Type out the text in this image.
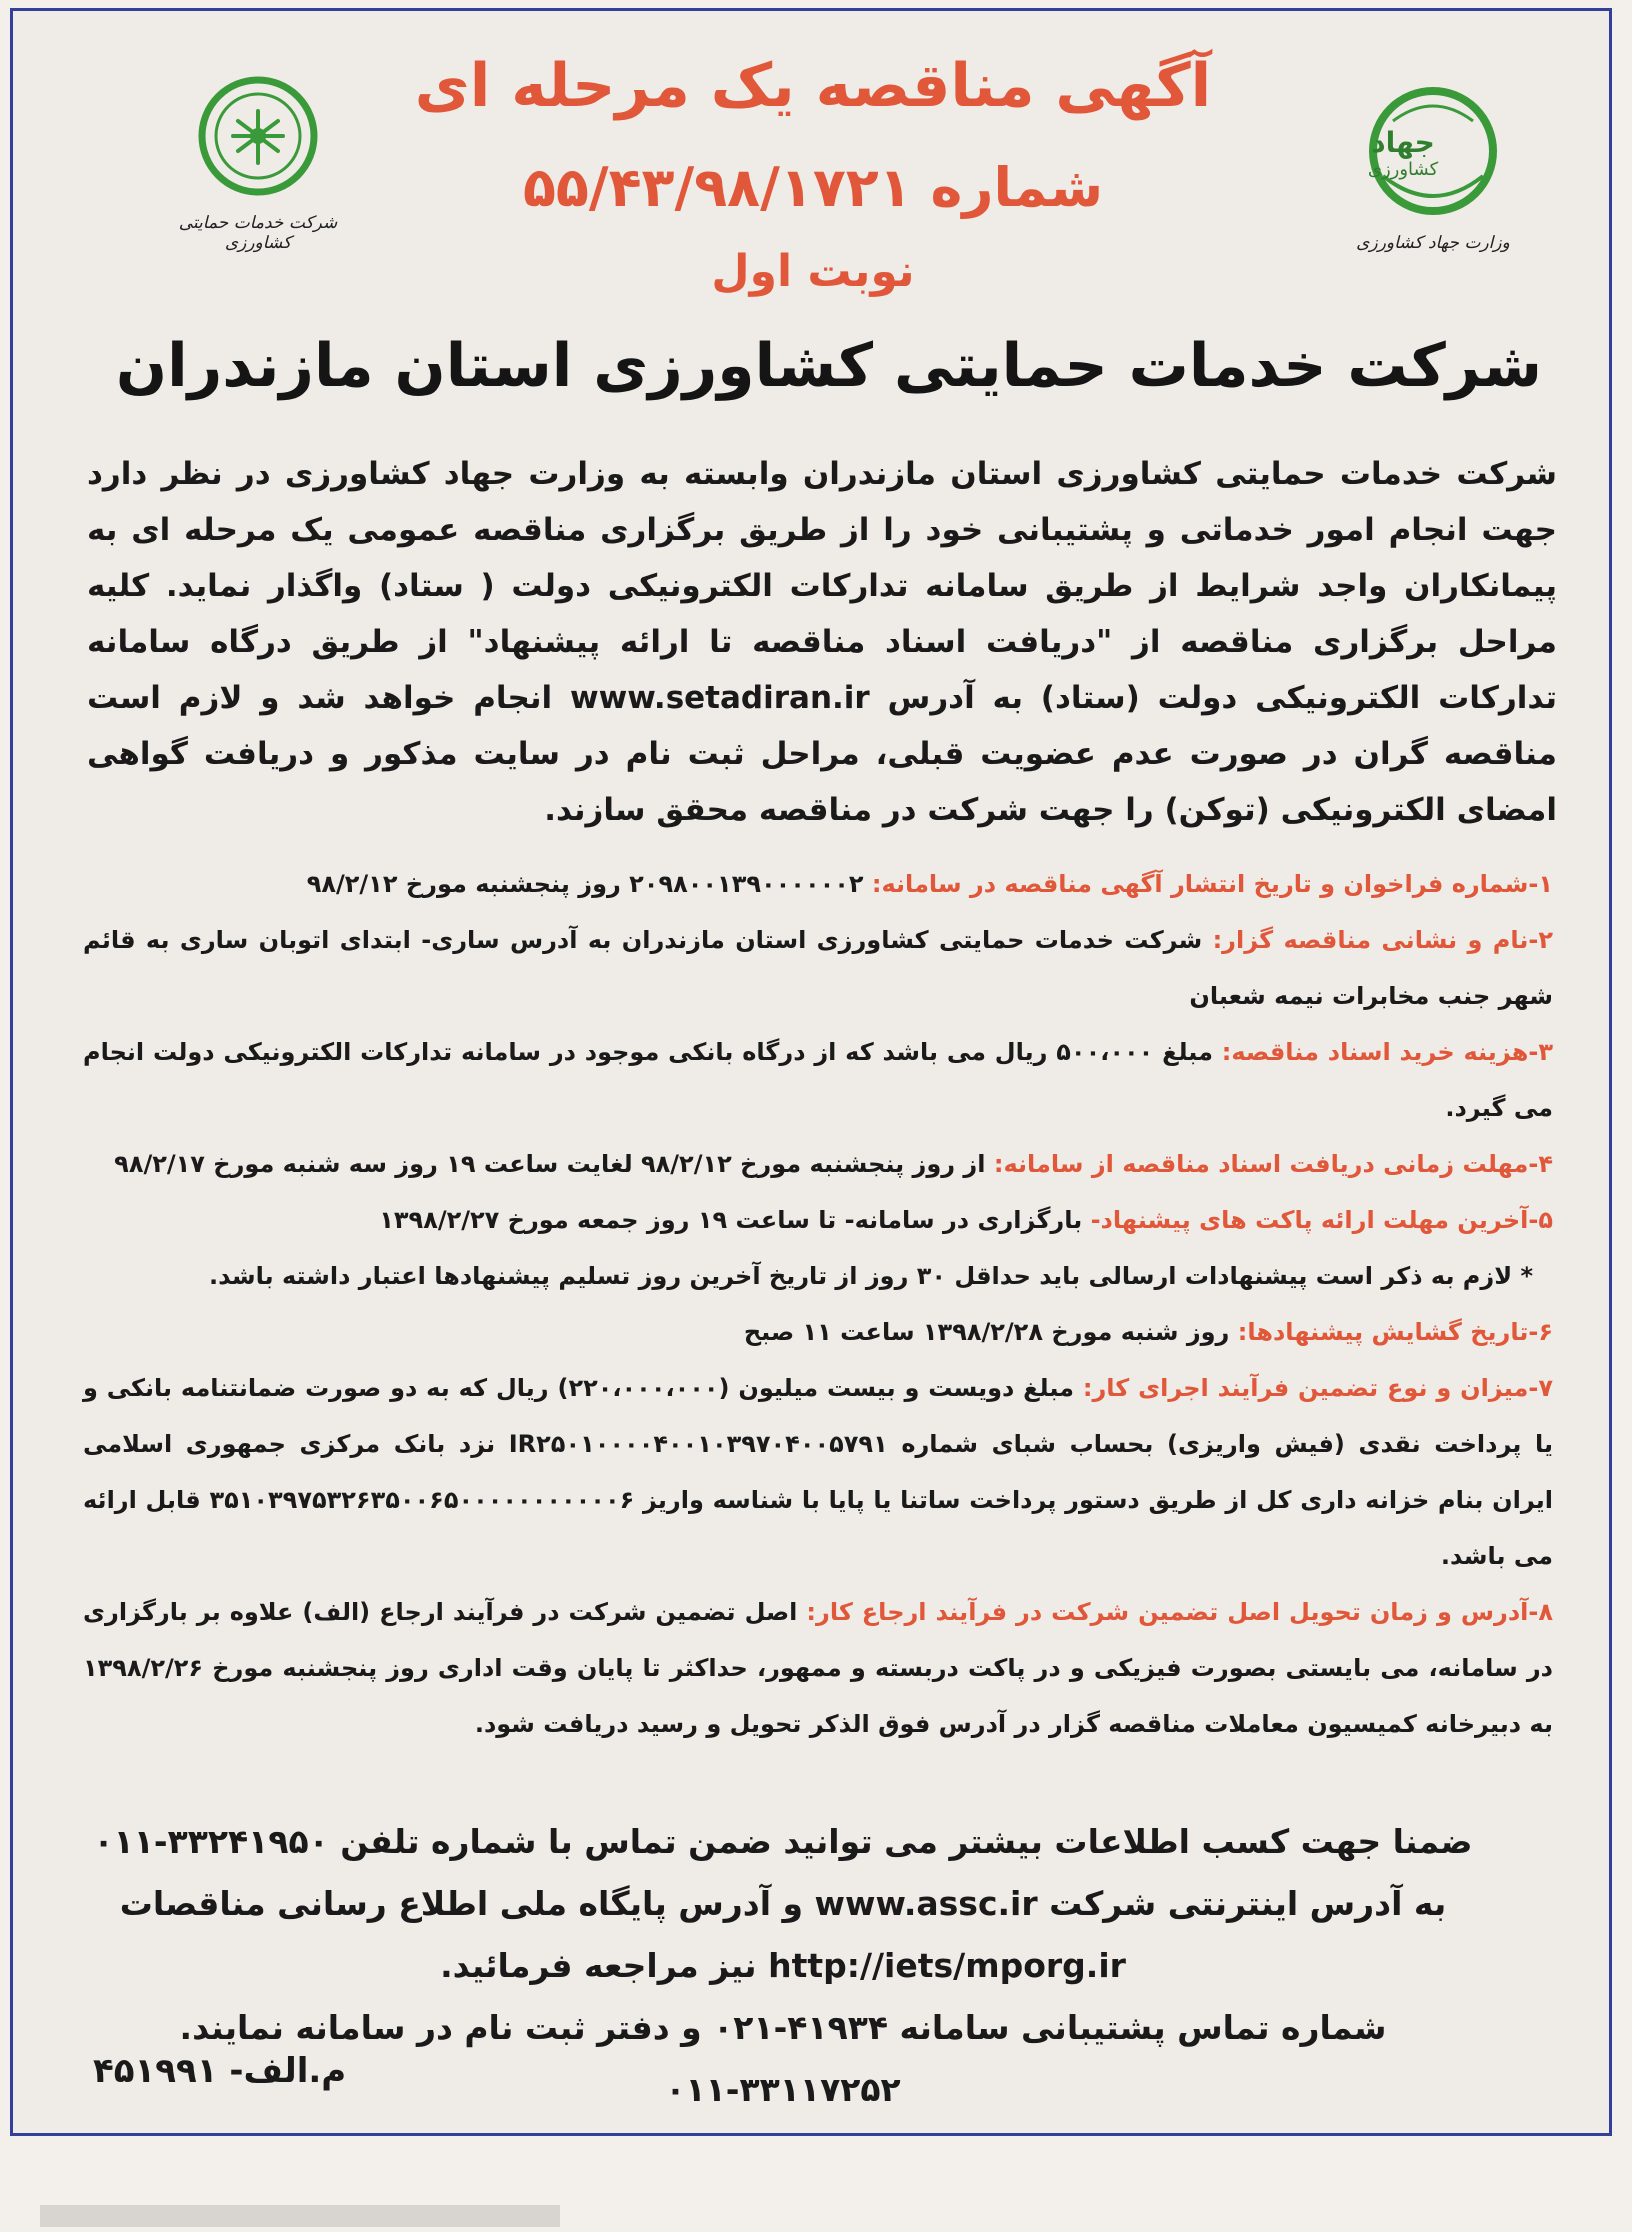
شرکت خدمات حمایتی کشاورزی
جهاد
کشاورزی
وزارت جهاد کشاورزی
آگهی مناقصه یک مرحله ای
شماره ۵۵/۴۳/۹۸/۱۷۲۱
نوبت اول
شرکت خدمات حمایتی کشاورزی استان مازندران
شرکت خدمات حمایتی کشاورزی استان مازندران وابسته به وزارت جهاد کشاورزی در نظر دارد جهت انجام امور خدماتی و پشتیبانی خود را از طریق برگزاری مناقصه عمومی یک مرحله ای به پیمانکاران واجد شرایط از طریق سامانه تدارکات الکترونیکی دولت ( ستاد) واگذار نماید. کلیه مراحل برگزاری مناقصه از "دریافت اسناد مناقصه تا ارائه پیشنهاد" از طریق درگاه سامانه تدارکات الکترونیکی دولت (ستاد) به آدرس www.setadiran.ir انجام خواهد شد و لازم است مناقصه گران در صورت عدم عضویت قبلی، مراحل ثبت نام در سایت مذکور و دریافت گواهی امضای الکترونیکی (توکن) را جهت شرکت در مناقصه محقق سازند.
۱-شماره فراخوان و تاریخ انتشار آگهی مناقصه در سامانه: ۲۰۹۸۰۰۱۳۹۰۰۰۰۰۰۲ روز پنجشنبه مورخ ۹۸/۲/۱۲
۲-نام و نشانی مناقصه گزار: شرکت خدمات حمایتی کشاورزی استان مازندران به آدرس ساری- ابتدای اتوبان ساری به قائم شهر جنب مخابرات نیمه شعبان
۳-هزینه خرید اسناد مناقصه: مبلغ ۵۰۰،۰۰۰ ریال می باشد که از درگاه بانکی موجود در سامانه تدارکات الکترونیکی دولت انجام می گیرد.
۴-مهلت زمانی دریافت اسناد مناقصه از سامانه: از روز پنجشنبه مورخ ۹۸/۲/۱۲ لغایت ساعت ۱۹ روز سه شنبه مورخ ۹۸/۲/۱۷
۵-آخرین مهلت ارائه پاکت های پیشنهاد- بارگزاری در سامانه- تا ساعت ۱۹ روز جمعه مورخ ۱۳۹۸/۲/۲۷
* لازم به ذکر است پیشنهادات ارسالی باید حداقل ۳۰ روز از تاریخ آخرین روز تسلیم پیشنهادها اعتبار داشته باشد.
۶-تاریخ گشایش پیشنهادها: روز شنبه مورخ ۱۳۹۸/۲/۲۸ ساعت ۱۱ صبح
۷-میزان و نوع تضمین فرآیند اجرای کار: مبلغ دویست و بیست میلیون (۲۲۰،۰۰۰،۰۰۰) ریال که به دو صورت ضمانتنامه بانکی و یا پرداخت نقدی (فیش واریزی) بحساب شبای شماره IR۲۵۰۱۰۰۰۰۴۰۰۱۰۳۹۷۰۴۰۰۵۷۹۱ نزد بانک مرکزی جمهوری اسلامی ایران بنام خزانه داری کل از طریق دستور پرداخت ساتنا یا پایا با شناسه واریز ۳۵۱۰۳۹۷۵۳۲۶۳۵۰۰۶۵۰۰۰۰۰۰۰۰۰۰۰۶ قابل ارائه می باشد.
۸-آدرس و زمان تحویل اصل تضمین شرکت در فرآیند ارجاع کار: اصل تضمین شرکت در فرآیند ارجاع (الف) علاوه بر بارگزاری در سامانه، می بایستی بصورت فیزیکی و در پاکت دربسته و ممهور، حداکثر تا پایان وقت اداری روز پنجشنبه مورخ ۱۳۹۸/۲/۲۶ به دبیرخانه کمیسیون معاملات مناقصه گزار در آدرس فوق الذکر تحویل و رسید دریافت شود.
ضمنا جهت کسب اطلاعات بیشتر می توانید ضمن تماس با شماره تلفن ۳۳۲۴۱۹۵۰-۰۱۱
به آدرس اینترنتی شرکت www.assc.ir و آدرس پایگاه ملی اطلاع رسانی مناقصات
http://iets/mporg.ir نیز مراجعه فرمائید.
شماره تماس پشتیبانی سامانه ۴۱۹۳۴-۰۲۱ و دفتر ثبت نام در سامانه نمایند. ۳۳۱۱۷۲۵۲-۰۱۱
م.الف- ۴۵۱۹۹۱
